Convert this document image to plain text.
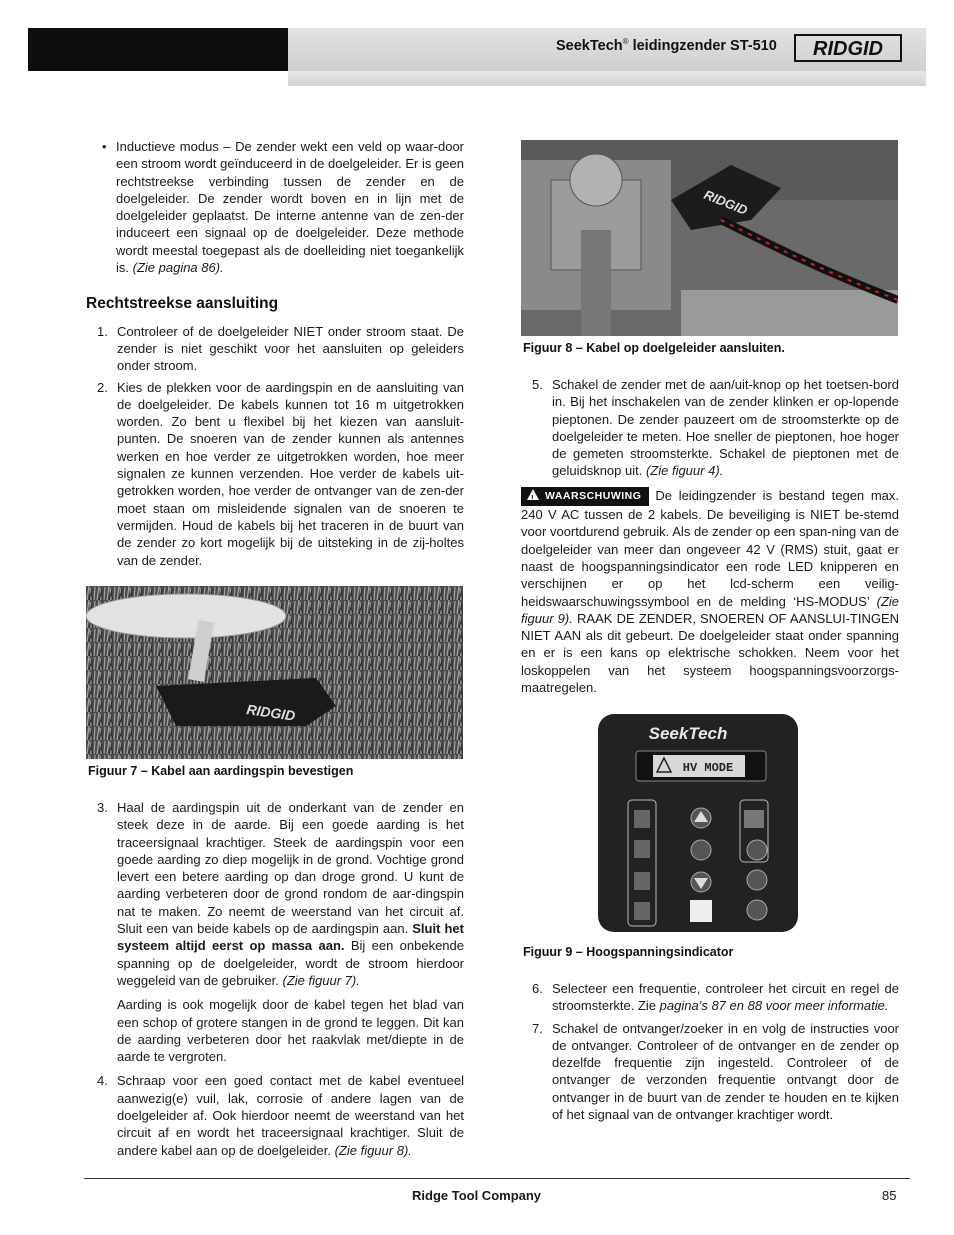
SeekTech® leidingzender ST-510 RIDGID
• Inductieve modus – De zender wekt een veld op waar-door een stroom wordt geïnduceerd in de doelgeleider. Er is geen rechtstreekse verbinding tussen de zender en de doelgeleider. De zender wordt boven en in lijn met de doelgeleider geplaatst. De interne antenne van de zen-der induceert een signaal op de doelgeleider. Deze methode wordt meestal toegepast als de doelleiding niet toegankelijk is. (Zie pagina 86).
Rechtstreekse aansluiting
1. Controleer of de doelgeleider NIET onder stroom staat. De zender is niet geschikt voor het aansluiten op geleiders onder stroom.
2. Kies de plekken voor de aardingspin en de aansluiting van de doelgeleider. De kabels kunnen tot 16 m uitgetrokken worden. Zo bent u flexibel bij het kiezen van aansluit-punten. De snoeren van de zender kunnen als antennes werken en hoe verder ze uitgetrokken worden, hoe meer signalen ze kunnen verzenden. Hoe verder de kabels uit-getrokken worden, hoe verder de ontvanger van de zen-der moet staan om misleidende signalen van de snoeren te vermijden. Houd de kabels bij het traceren in de buurt van de zender zo kort mogelijk bij de uitsteking in de zij-holtes van de zender.
RIDGID
Figuur 7 – Kabel aan aardingspin bevestigen
3. Haal de aardingspin uit de onderkant van de zender en steek deze in de aarde. Bij een goede aarding is het traceersignaal krachtiger. Steek de aardingspin voor een goede aarding zo diep mogelijk in de grond. Vochtige grond levert een betere aarding op dan droge grond. U kunt de aarding verbeteren door de grond rondom de aar-dingspin nat te maken. Zo neemt de weerstand van het circuit af. Sluit een van beide kabels op de aardingspin aan. Sluit het systeem altijd eerst op massa aan. Bij een onbekende spanning op de doelgeleider, wordt de stroom hierdoor weggeleid van de gebruiker. (Zie figuur 7).
Aarding is ook mogelijk door de kabel tegen het blad van een schop of grotere stangen in de grond te leggen. Dit kan de aarding verbeteren door het raakvlak met/diepte in de aarde te vergroten.
4. Schraap voor een goed contact met de kabel eventueel aanwezig(e) vuil, lak, corrosie of andere lagen van de doelgeleider af. Ook hierdoor neemt de weerstand van het circuit af en wordt het traceersignaal krachtiger. Sluit de andere kabel aan op de doelgeleider. (Zie figuur 8).
RIDGID
Figuur 8 – Kabel op doelgeleider aansluiten.
5. Schakel de zender met de aan/uit-knop op het toetsen-bord in. Bij het inschakelen van de zender klinken er op-lopende pieptonen. De zender pauzeert om de stroomsterkte op de doelgeleider te meten. Hoe sneller de pieptonen, hoe hoger de gemeten stroomsterkte. Schakel de pieptonen met de geluidsknop uit. (Zie figuur 4).
!WAARSCHUWING De leidingzender is bestand tegen max. 240 V AC tussen de 2 kabels. De beveiliging is NIET be-stemd voor voortdurend gebruik. Als de zender op een span-ning van de doelgeleider van meer dan ongeveer 42 V (RMS) stuit, gaat er naast de hoogspanningsindicator een rode LED knipperen en verschijnen er op het lcd-scherm een veilig-heidswaarschuwingssymbool en de melding ‘HS-MODUS’ (Zie figuur 9). RAAK DE ZENDER, SNOEREN OF AANSLUI-TINGEN NIET AAN als dit gebeurt. De doelgeleider staat onder spanning en er is een kans op elektrische schokken. Neem voor het loskoppelen van het systeem hoogspanningsvoorzorgs-maatregelen.
SeekTech
HV MODE
Figuur 9 – Hoogspanningsindicator
6. Selecteer een frequentie, controleer het circuit en regel de stroomsterkte. Zie pagina’s 87 en 88 voor meer informatie.
7. Schakel de ontvanger/zoeker in en volg de instructies voor de ontvanger. Controleer of de ontvanger en de zender op dezelfde frequentie zijn ingesteld. Controleer of de ontvanger de verzonden frequentie ontvangt door de ontvanger in de buurt van de zender te houden en te kijken of het signaal van de ontvanger krachtiger wordt.
Ridge Tool Company	85
